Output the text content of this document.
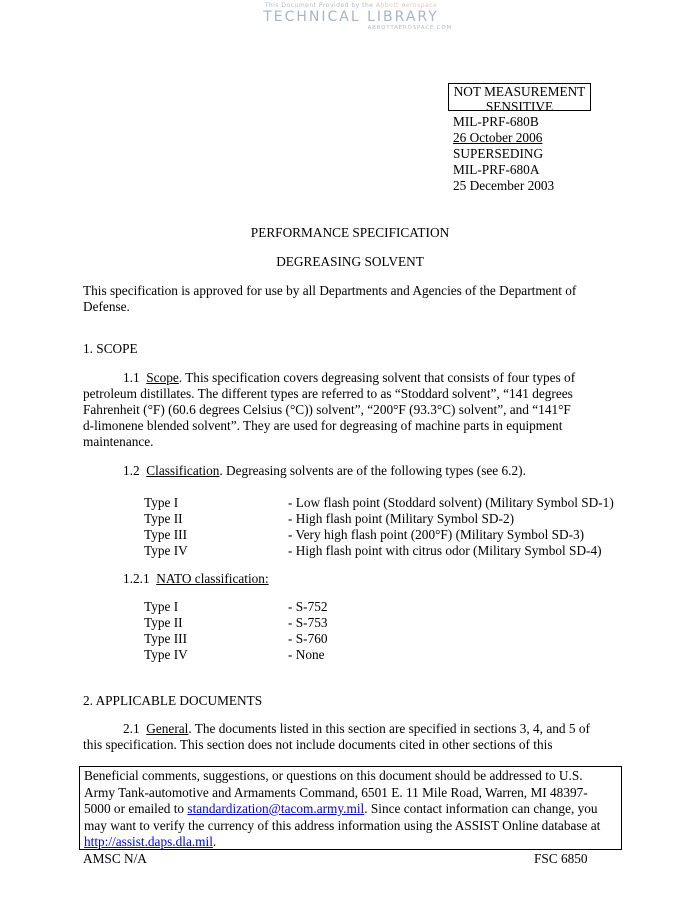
This Document Provided by the Abbott Aerospace
TECHNICAL LIBRARY
ABBOTTAEROSPACE.COM
NOT MEASUREMENT
SENSITIVE
MIL-PRF-680B
26 October 2006
SUPERSEDING
MIL-PRF-680A
25 December 2003
PERFORMANCE SPECIFICATION
DEGREASING SOLVENT
This specification is approved for use by all Departments and Agencies of the Department of
Defense.
1. SCOPE
1.1 Scope. This specification covers degreasing solvent that consists of four types of
petroleum distillates. The different types are referred to as “Stoddard solvent”, “141 degrees
Fahrenheit (°F) (60.6 degrees Celsius (°C)) solvent”, “200°F (93.3°C) solvent”, and “141°F
d-limonene blended solvent”. They are used for degreasing of machine parts in equipment
maintenance.
1.2 Classification. Degreasing solvents are of the following types (see 6.2).
Type I	- Low flash point (Stoddard solvent) (Military Symbol SD-1)
Type II	- High flash point (Military Symbol SD-2)
Type III	- Very high flash point (200°F) (Military Symbol SD-3)
Type IV	- High flash point with citrus odor (Military Symbol SD-4)
1.2.1 NATO classification:
Type I	- S-752
Type II	- S-753
Type III	- S-760
Type IV	- None
2. APPLICABLE DOCUMENTS
2.1 General. The documents listed in this section are specified in sections 3, 4, and 5 of
this specification. This section does not include documents cited in other sections of this
Beneficial comments, suggestions, or questions on this document should be addressed to U.S.
Army Tank-automotive and Armaments Command, 6501 E. 11 Mile Road, Warren, MI 48397-
5000 or emailed to standardization@tacom.army.mil. Since contact information can change, you
may want to verify the currency of this address information using the ASSIST Online database at
http://assist.daps.dla.mil.
AMSC N/A	FSC 6850
